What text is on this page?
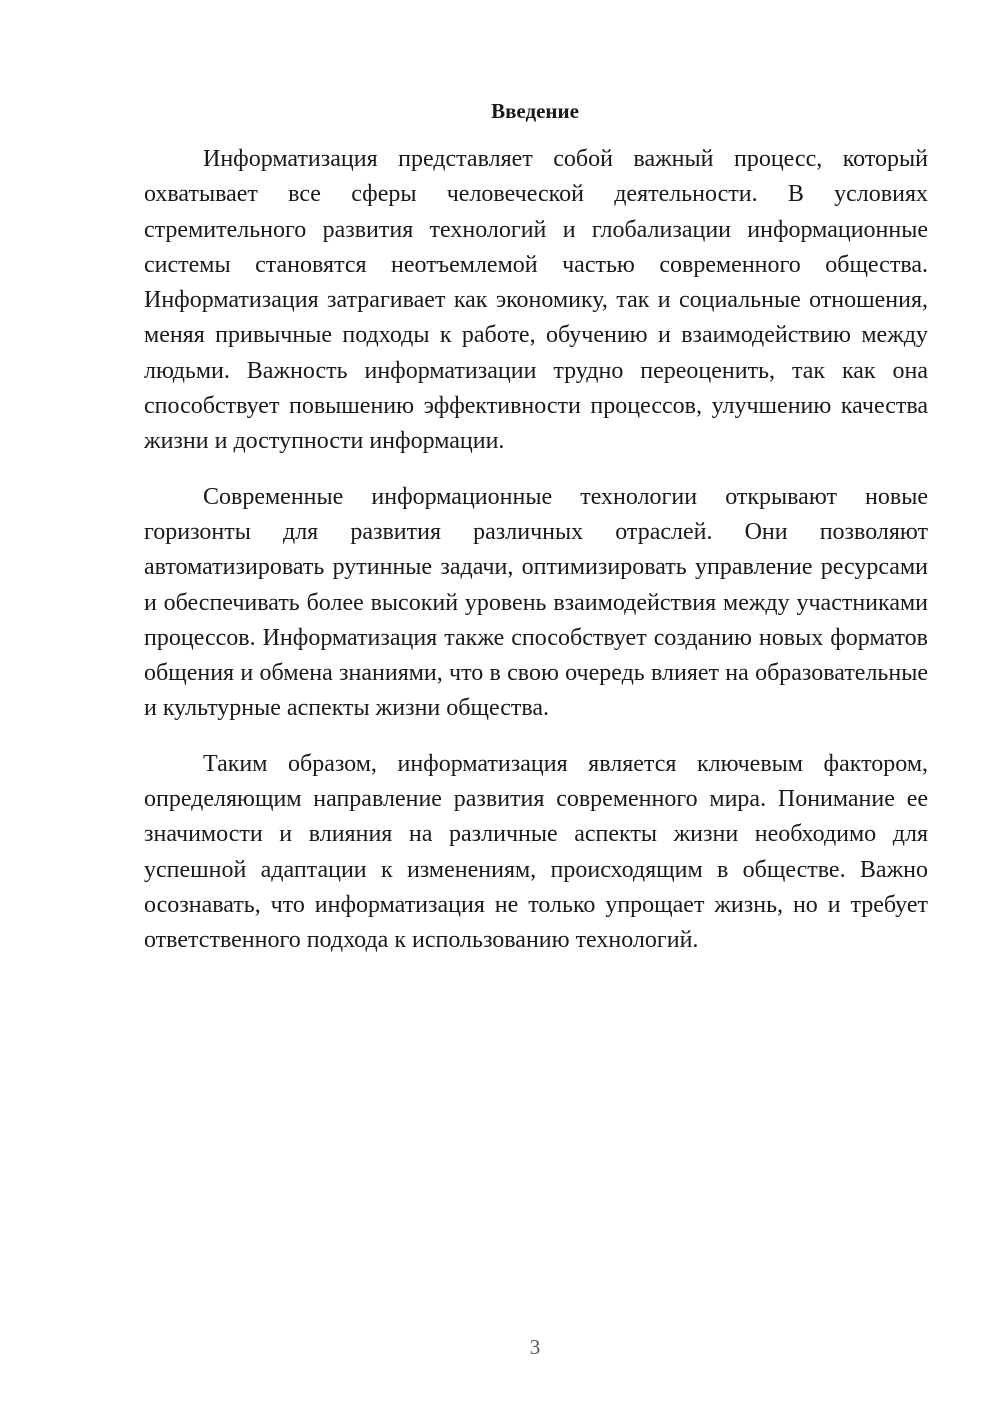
Введение

Информатизация представляет собой важный процесс, который охватывает все сферы человеческой деятельности. В условиях стремительного развития технологий и глобализации информационные системы становятся неотъемлемой частью современного общества. Информатизация затрагивает как экономику, так и социальные отношения, меняя привычные подходы к работе, обучению и взаимодействию между людьми. Важность информатизации трудно переоценить, так как она способствует повышению эффективности процессов, улучшению качества жизни и доступности информации.

Современные информационные технологии открывают новые горизонты для развития различных отраслей. Они позволяют автоматизировать рутинные задачи, оптимизировать управление ресурсами и обеспечивать более высокий уровень взаимодействия между участниками процессов. Информатизация также способствует созданию новых форматов общения и обмена знаниями, что в свою очередь влияет на образовательные и культурные аспекты жизни общества.

Таким образом, информатизация является ключевым фактором, определяющим направление развития современного мира. Понимание ее значимости и влияния на различные аспекты жизни необходимо для успешной адаптации к изменениям, происходящим в обществе. Важно осознавать, что информатизация не только упрощает жизнь, но и требует ответственного подхода к использованию технологий.

3
